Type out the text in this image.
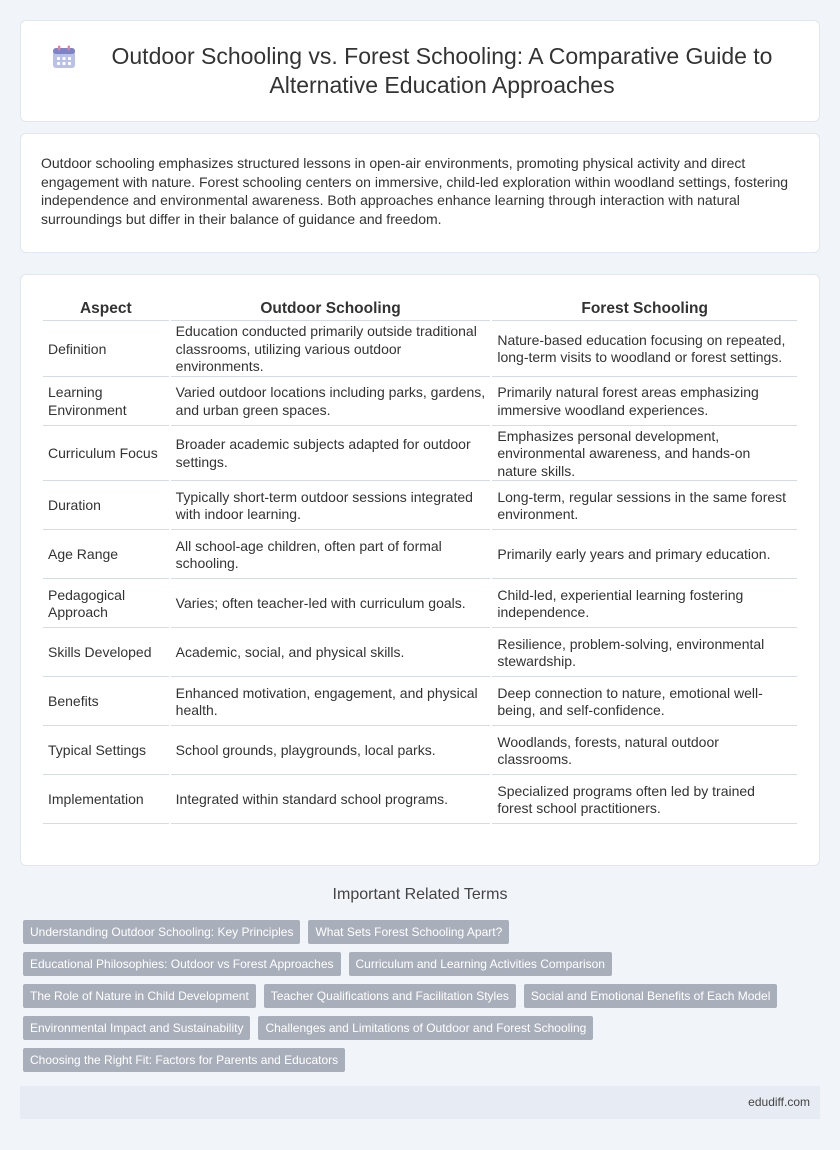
Outdoor Schooling vs. Forest Schooling: A Comparative Guide to Alternative Education Approaches

Outdoor schooling emphasizes structured lessons in open-air environments, promoting physical activity and direct engagement with nature. Forest schooling centers on immersive, child-led exploration within woodland settings, fostering independence and environmental awareness. Both approaches enhance learning through interaction with natural surroundings but differ in their balance of guidance and freedom.

Aspect	Outdoor Schooling	Forest Schooling
Definition	Education conducted primarily outside traditional classrooms, utilizing various outdoor environments.	Nature-based education focusing on repeated, long-term visits to woodland or forest settings.
Learning Environment	Varied outdoor locations including parks, gardens, and urban green spaces.	Primarily natural forest areas emphasizing immersive woodland experiences.
Curriculum Focus	Broader academic subjects adapted for outdoor settings.	Emphasizes personal development, environmental awareness, and hands-on nature skills.
Duration	Typically short-term outdoor sessions integrated with indoor learning.	Long-term, regular sessions in the same forest environment.
Age Range	All school-age children, often part of formal schooling.	Primarily early years and primary education.
Pedagogical Approach	Varies; often teacher-led with curriculum goals.	Child-led, experiential learning fostering independence.
Skills Developed	Academic, social, and physical skills.	Resilience, problem-solving, environmental stewardship.
Benefits	Enhanced motivation, engagement, and physical health.	Deep connection to nature, emotional well-being, and self-confidence.
Typical Settings	School grounds, playgrounds, local parks.	Woodlands, forests, natural outdoor classrooms.
Implementation	Integrated within standard school programs.	Specialized programs often led by trained forest school practitioners.
Important Related Terms
Understanding Outdoor Schooling: Key Principles	What Sets Forest Schooling Apart?
Educational Philosophies: Outdoor vs Forest Approaches	Curriculum and Learning Activities Comparison
The Role of Nature in Child Development	Teacher Qualifications and Facilitation Styles	Social and Emotional Benefits of Each Model
Environmental Impact and Sustainability	Challenges and Limitations of Outdoor and Forest Schooling
Choosing the Right Fit: Factors for Parents and Educators
edudiff.com
